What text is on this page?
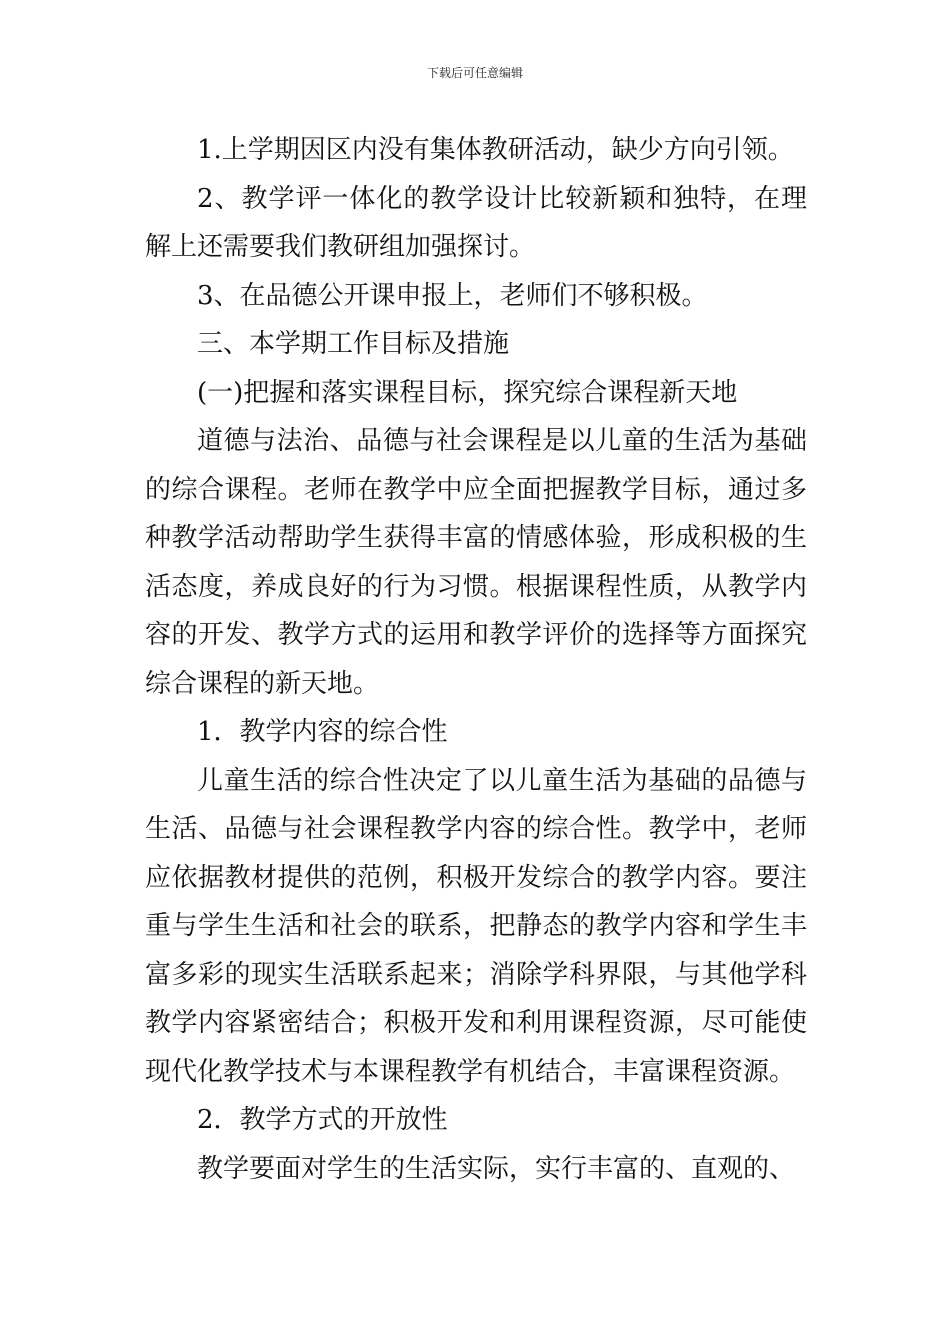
下载后可任意编辑

1.上学期因区内没有集体教研活动，缺少方向引领。

2、教学评一体化的教学设计比较新颖和独特，在理解上还需要我们教研组加强探讨。

3、在品德公开课申报上，老师们不够积极。

三、本学期工作目标及措施

(一)把握和落实课程目标，探究综合课程新天地

道德与法治、品德与社会课程是以儿童的生活为基础的综合课程。老师在教学中应全面把握教学目标，通过多种教学活动帮助学生获得丰富的情感体验，形成积极的生活态度，养成良好的行为习惯。根据课程性质，从教学内容的开发、教学方式的运用和教学评价的选择等方面探究综合课程的新天地。

1．教学内容的综合性

儿童生活的综合性决定了以儿童生活为基础的品德与生活、品德与社会课程教学内容的综合性。教学中，老师应依据教材提供的范例，积极开发综合的教学内容。要注重与学生生活和社会的联系，把静态的教学内容和学生丰富多彩的现实生活联系起来；消除学科界限，与其他学科教学内容紧密结合；积极开发和利用课程资源，尽可能使现代化教学技术与本课程教学有机结合，丰富课程资源。

2．教学方式的开放性

教学要面对学生的生活实际，实行丰富的、直观的、
